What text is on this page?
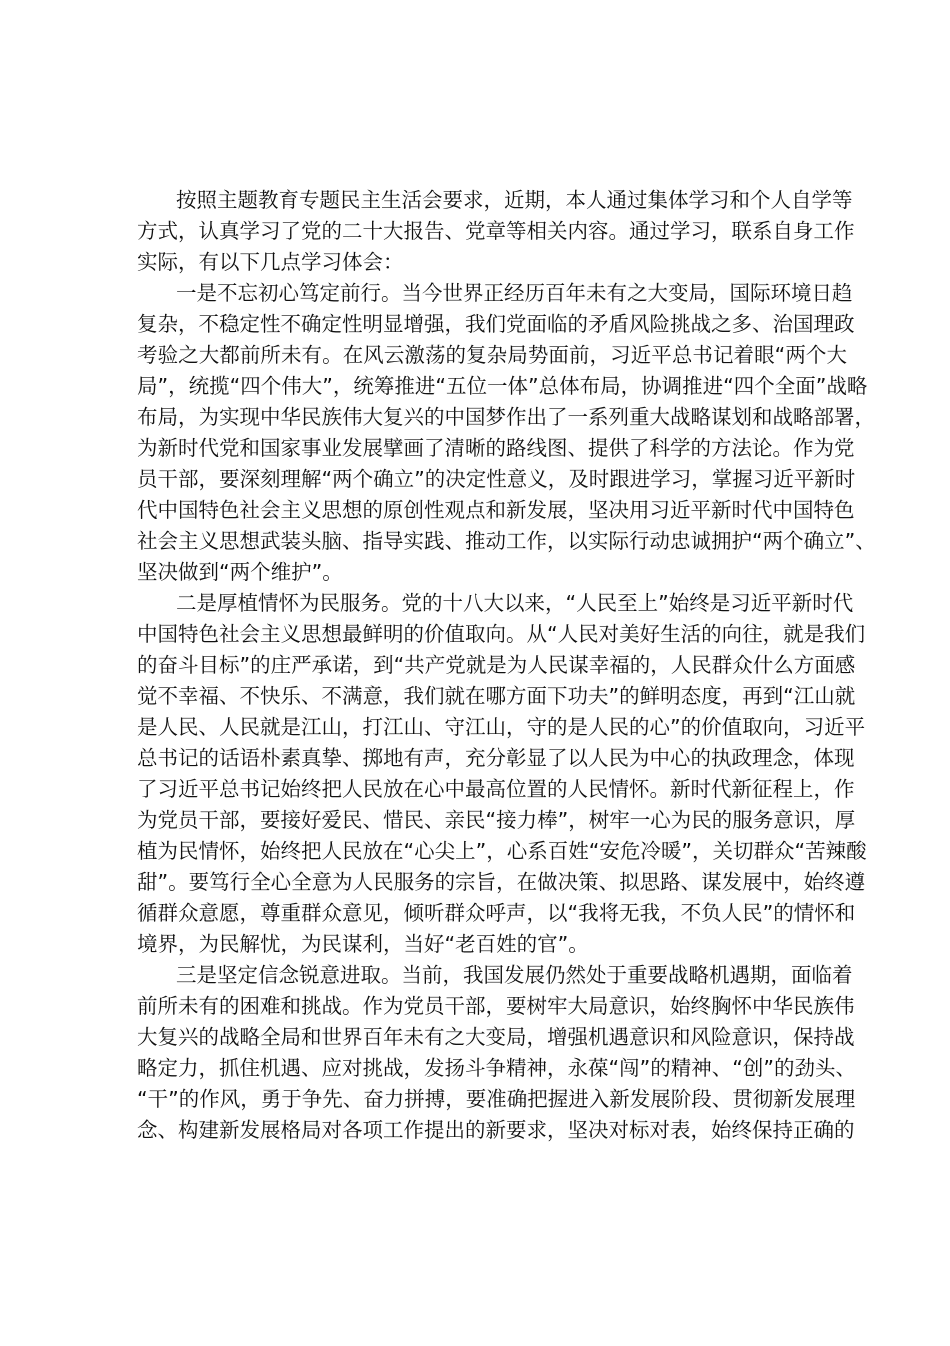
按照主题教育专题民主生活会要求，近期，本人通过集体学习和个人自学等
方式，认真学习了党的二十大报告、党章等相关内容。通过学习，联系自身工作
实际，有以下几点学习体会：
一是不忘初心笃定前行。当今世界正经历百年未有之大变局，国际环境日趋
复杂，不稳定性不确定性明显增强，我们党面临的矛盾风险挑战之多、治国理政
考验之大都前所未有。在风云激荡的复杂局势面前，习近平总书记着眼“两个大
局”，统揽“四个伟大”，统筹推进“五位一体”总体布局，协调推进“四个全面”战略
布局，为实现中华民族伟大复兴的中国梦作出了一系列重大战略谋划和战略部署，
为新时代党和国家事业发展擘画了清晰的路线图、提供了科学的方法论。作为党
员干部，要深刻理解“两个确立”的决定性意义，及时跟进学习，掌握习近平新时
代中国特色社会主义思想的原创性观点和新发展，坚决用习近平新时代中国特色
社会主义思想武装头脑、指导实践、推动工作，以实际行动忠诚拥护“两个确立”、
坚决做到“两个维护”。
二是厚植情怀为民服务。党的十八大以来，“人民至上”始终是习近平新时代
中国特色社会主义思想最鲜明的价值取向。从“人民对美好生活的向往，就是我们
的奋斗目标”的庄严承诺，到“共产党就是为人民谋幸福的，人民群众什么方面感
觉不幸福、不快乐、不满意，我们就在哪方面下功夫”的鲜明态度，再到“江山就
是人民、人民就是江山，打江山、守江山，守的是人民的心”的价值取向，习近平
总书记的话语朴素真挚、掷地有声，充分彰显了以人民为中心的执政理念，体现
了习近平总书记始终把人民放在心中最高位置的人民情怀。新时代新征程上，作
为党员干部，要接好爱民、惜民、亲民“接力棒”，树牢一心为民的服务意识，厚
植为民情怀，始终把人民放在“心尖上”，心系百姓“安危冷暖”，关切群众“苦辣酸
甜”。要笃行全心全意为人民服务的宗旨，在做决策、拟思路、谋发展中，始终遵
循群众意愿，尊重群众意见，倾听群众呼声，以“我将无我，不负人民”的情怀和
境界，为民解忧，为民谋利，当好“老百姓的官”。
三是坚定信念锐意进取。当前，我国发展仍然处于重要战略机遇期，面临着
前所未有的困难和挑战。作为党员干部，要树牢大局意识，始终胸怀中华民族伟
大复兴的战略全局和世界百年未有之大变局，增强机遇意识和风险意识，保持战
略定力，抓住机遇、应对挑战，发扬斗争精神，永葆“闯”的精神、“创”的劲头、
“干”的作风，勇于争先、奋力拼搏，要准确把握进入新发展阶段、贯彻新发展理
念、构建新发展格局对各项工作提出的新要求，坚决对标对表，始终保持正确的
